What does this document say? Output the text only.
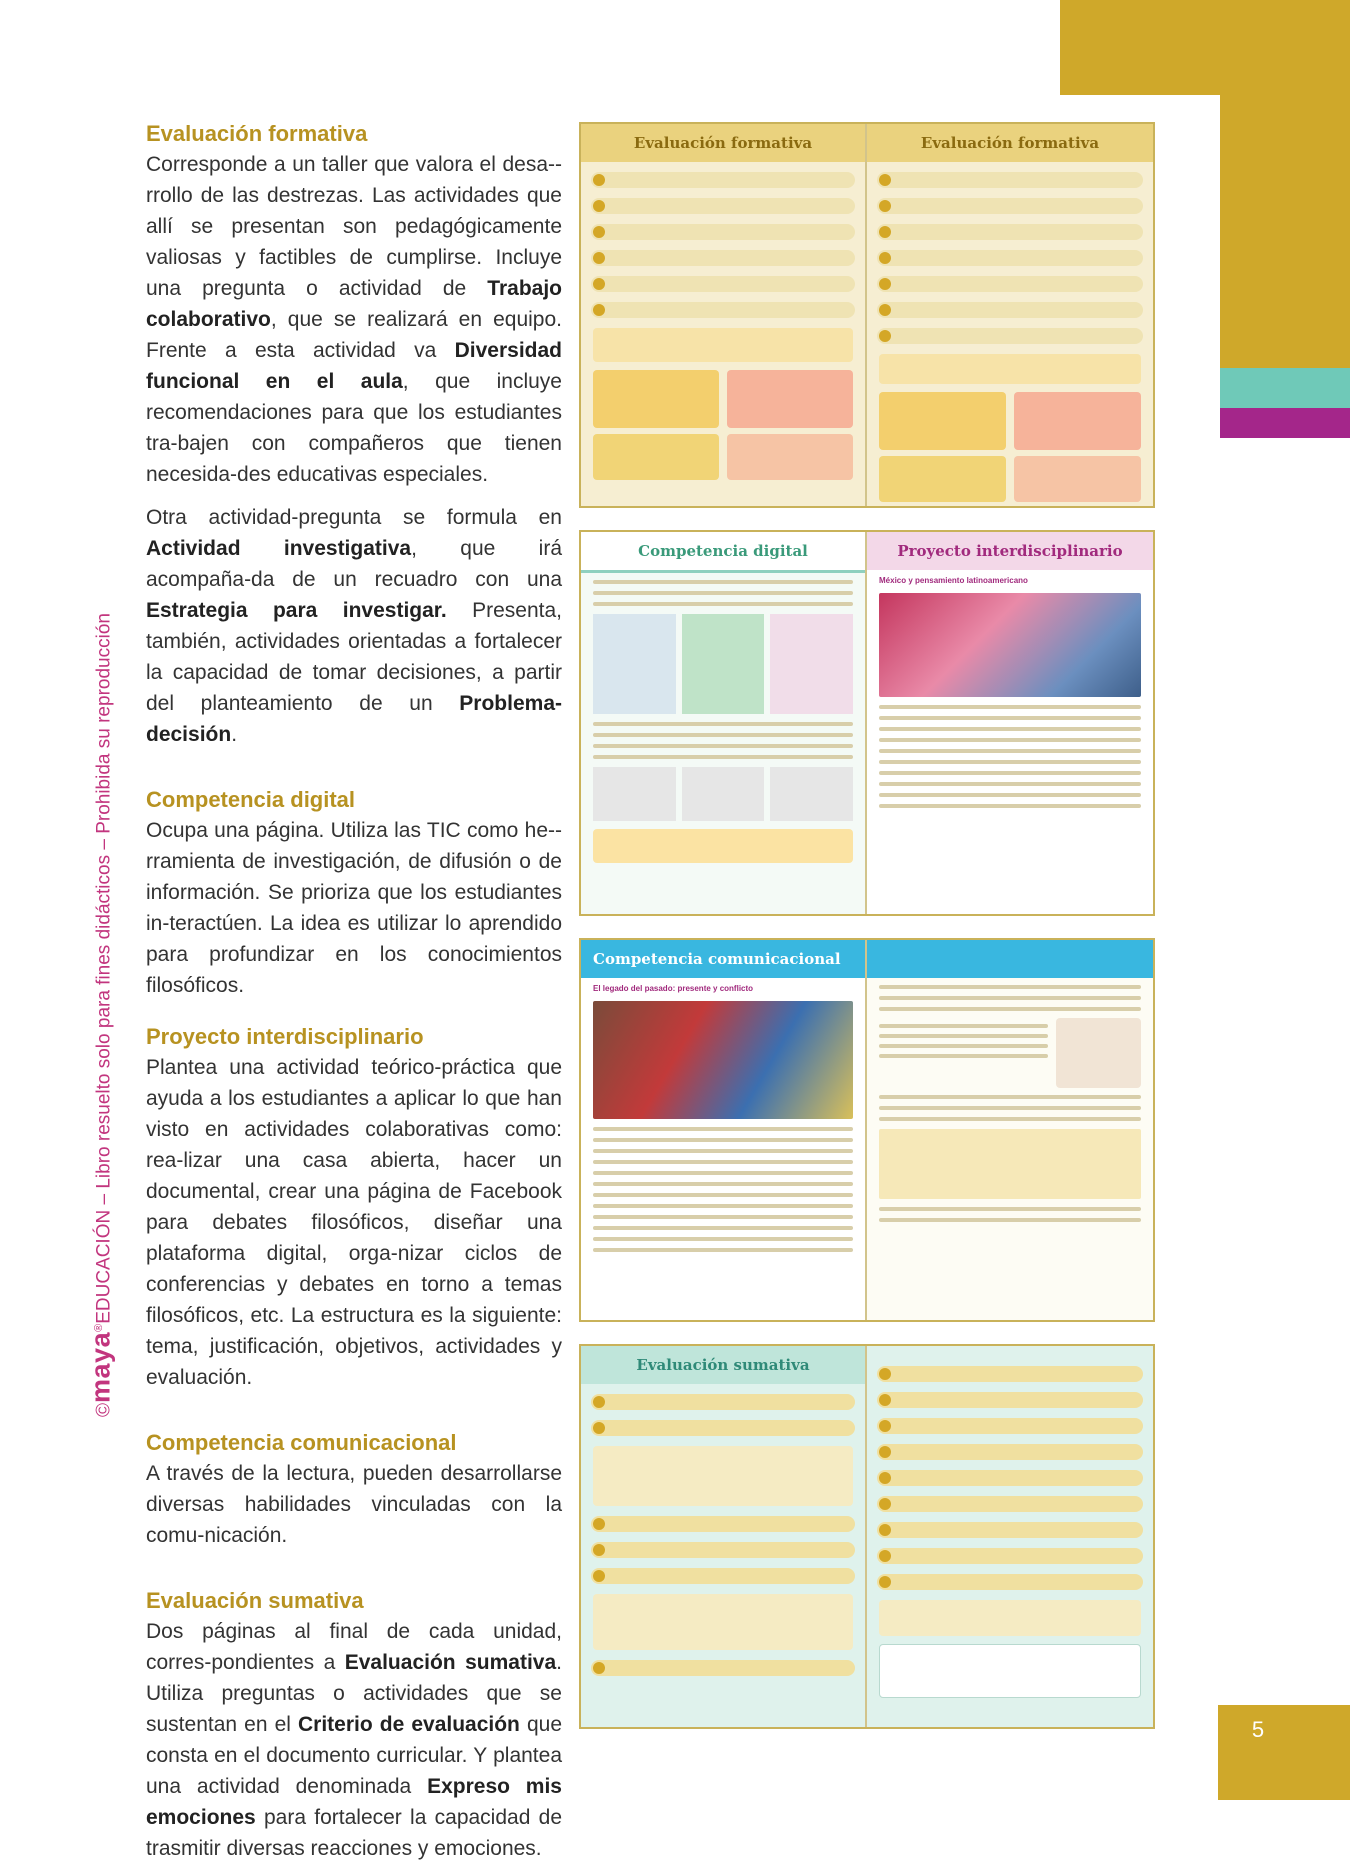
5
©maya®EDUCACIÓN – Libro resuelto solo para fines didácticos – Prohibida su reproducción
Evaluación formativa

Corresponde a un taller que valora el desa-rrollo de las destrezas. Las actividades que allí se presentan son pedagógicamente valiosas y factibles de cumplirse. Incluye una pregunta o actividad de Trabajo colaborativo, que se realizará en equipo. Frente a esta actividad va Diversidad funcional en el aula, que incluye recomendaciones para que los estudiantes tra-bajen con compañeros que tienen necesida-des educativas especiales.

Otra actividad-pregunta se formula en Actividad investigativa, que irá acompaña-da de un recuadro con una Estrategia para investigar. Presenta, también, actividades orientadas a fortalecer la capacidad de tomar decisiones, a partir del planteamiento de un Problema-decisión.

Competencia digital

Ocupa una página. Utiliza las TIC como he-rramienta de investigación, de difusión o de información. Se prioriza que los estudiantes in-teractúen. La idea es utilizar lo aprendido para profundizar en los conocimientos filosóficos.

Proyecto interdisciplinario

Plantea una actividad teórico-práctica que ayuda a los estudiantes a aplicar lo que han visto en actividades colaborativas como: rea-lizar una casa abierta, hacer un documental, crear una página de Facebook para debates filosóficos, diseñar una plataforma digital, orga-nizar ciclos de conferencias y debates en torno a temas filosóficos, etc. La estructura es la siguiente: tema, justificación, objetivos, actividades y evaluación.

Competencia comunicacional

A través de la lectura, pueden desarrollarse diversas habilidades vinculadas con la comu-nicación.

Evaluación sumativa

Dos páginas al final de cada unidad, corres-pondientes a Evaluación sumativa. Utiliza preguntas o actividades que se sustentan en el Criterio de evaluación que consta en el documento curricular. Y plantea una actividad denominada Expreso mis emociones para fortalecer la capacidad de trasmitir diversas reacciones y emociones.

Evaluación formativa	Evaluación formativa
Competencia digital	Proyecto interdisciplinario
México y pensamiento latinoamericano
Competencia comunicacional
El legado del pasado: presente y conflicto
Evaluación sumativa
